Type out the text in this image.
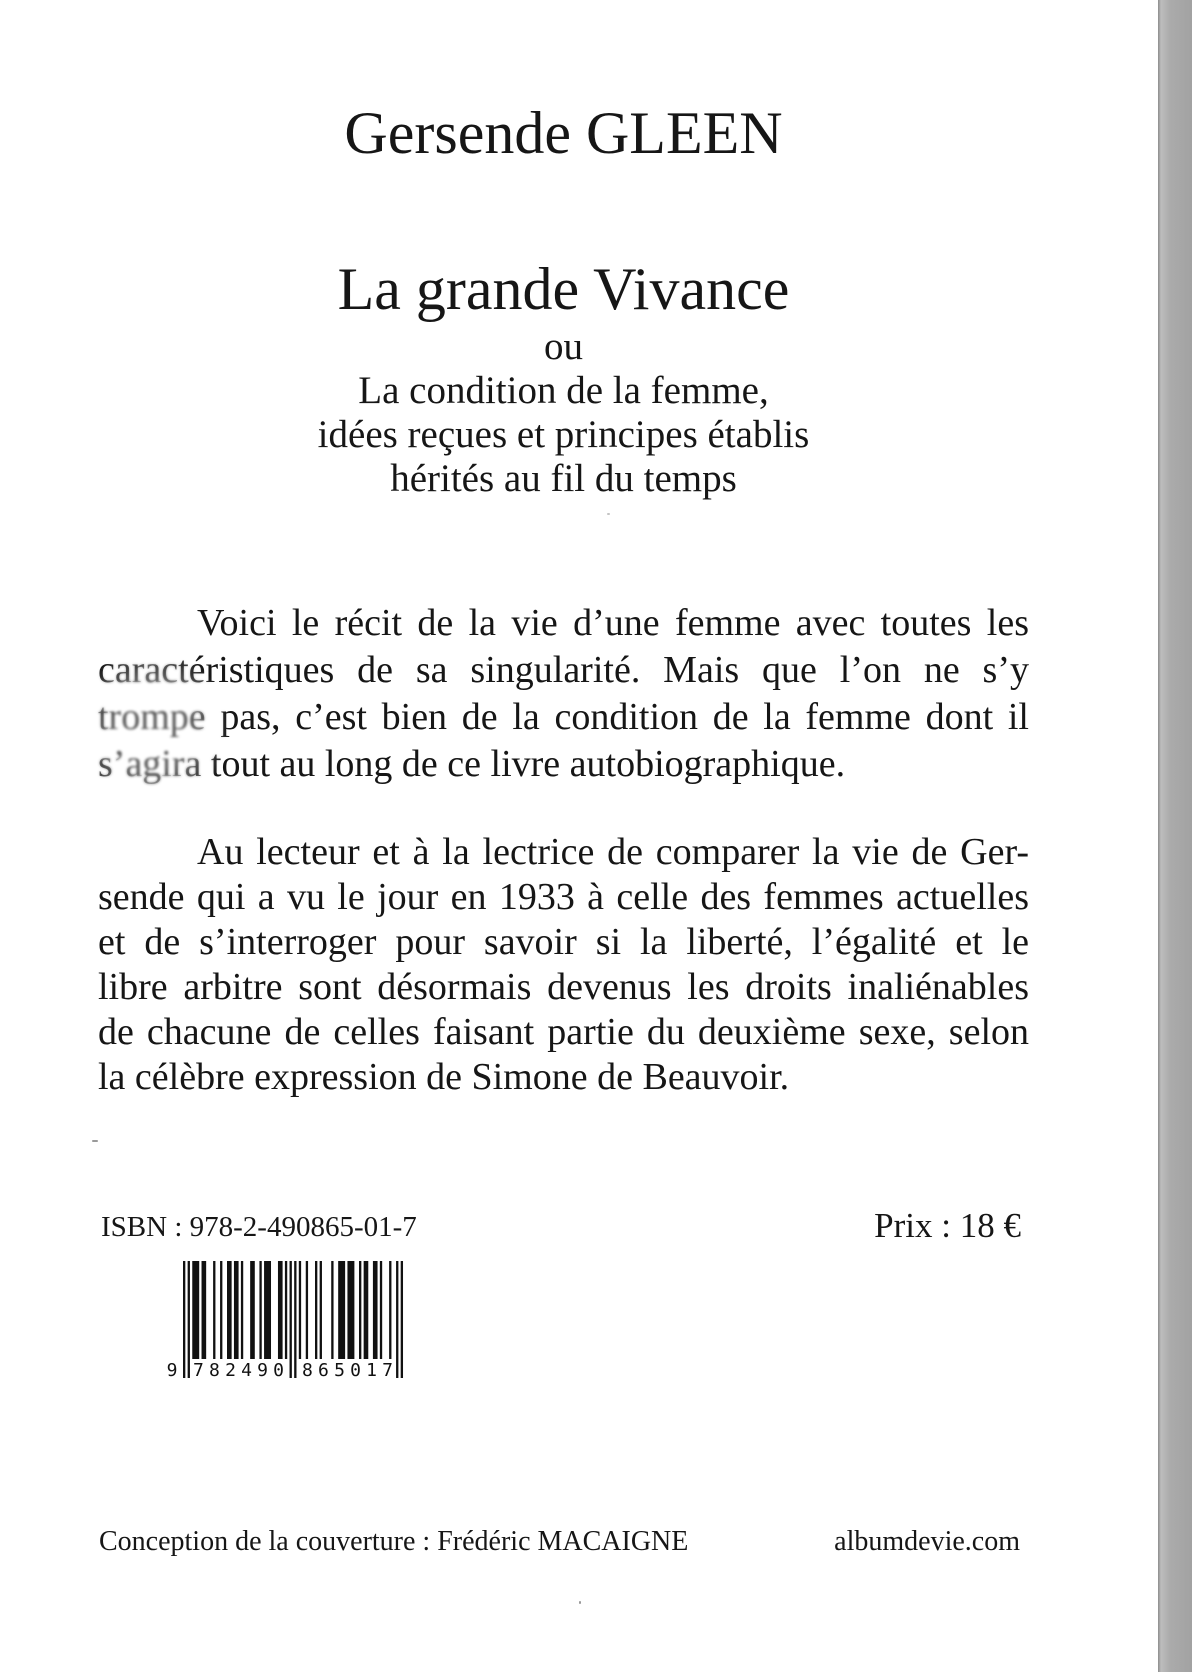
Gersende GLEEN
La grande Vivance
ou
La condition de la femme,
idées reçues et principes établis
hérités au fil du temps
Voici le récit de la vie d’une femme avec toutes les
caractéristiques de sa singularité. Mais que l’on ne s’y
trompe pas, c’est bien de la condition de la femme dont il
s’agira tout au long de ce livre autobiographique.
Au lecteur et à la lectrice de comparer la vie de Ger-
sende qui a vu le jour en 1933 à celle des femmes actuelles
et de s’interroger pour savoir si la liberté, l’égalité et le
libre arbitre sont désormais devenus les droits inaliénables
de chacune de celles faisant partie du deuxième sexe, selon
la célèbre expression de Simone de Beauvoir.
ISBN : 978-2-490865-01-7	Prix : 18 €
9 782490 865017
Conception de la couverture : Frédéric MACAIGNE	albumdevie.com
